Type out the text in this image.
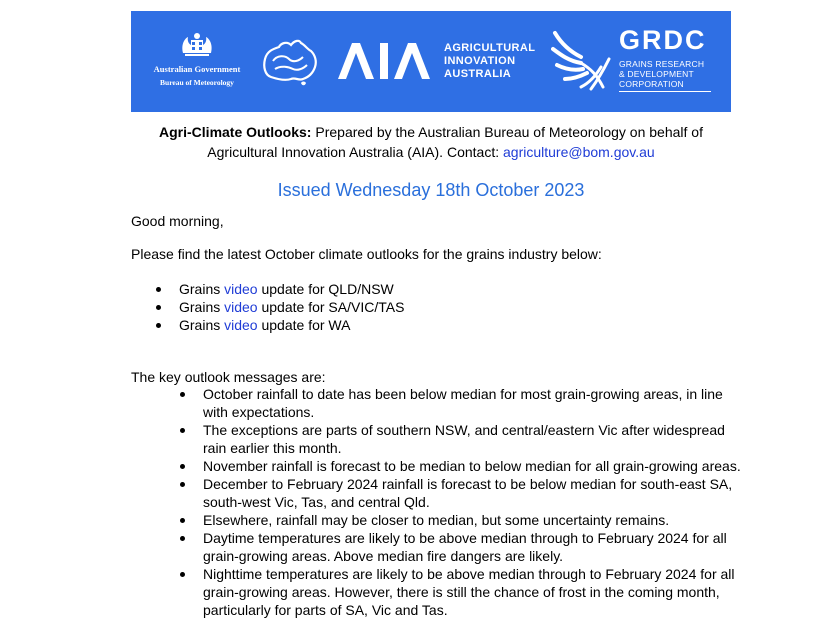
Australian Government
Bureau of Meteorology
AGRICULTURAL
INNOVATION
AUSTRALIA
GRDC
GRAINS RESEARCH
& DEVELOPMENT
CORPORATION
Agri-Climate Outlooks: Prepared by the Australian Bureau of Meteorology on behalf of
Agricultural Innovation Australia (AIA). Contact: agriculture@bom.gov.au
Issued Wednesday 18th October 2023
Good morning,
Please find the latest October climate outlooks for the grains industry below:
Grains video update for QLD/NSW
Grains video update for SA/VIC/TAS
Grains video update for WA
The key outlook messages are:
October rainfall to date has been below median for most grain-growing areas, in line with expectations.
The exceptions are parts of southern NSW, and central/eastern Vic after widespread rain earlier this month.
November rainfall is forecast to be median to below median for all grain-growing areas.
December to February 2024 rainfall is forecast to be below median for south-east SA, south-west Vic, Tas, and central Qld.
Elsewhere, rainfall may be closer to median, but some uncertainty remains.
Daytime temperatures are likely to be above median through to February 2024 for all grain-growing areas. Above median fire dangers are likely.
Nighttime temperatures are likely to be above median through to February 2024 for all grain-growing areas. However, there is still the chance of frost in the coming month, particularly for parts of SA, Vic and Tas.
